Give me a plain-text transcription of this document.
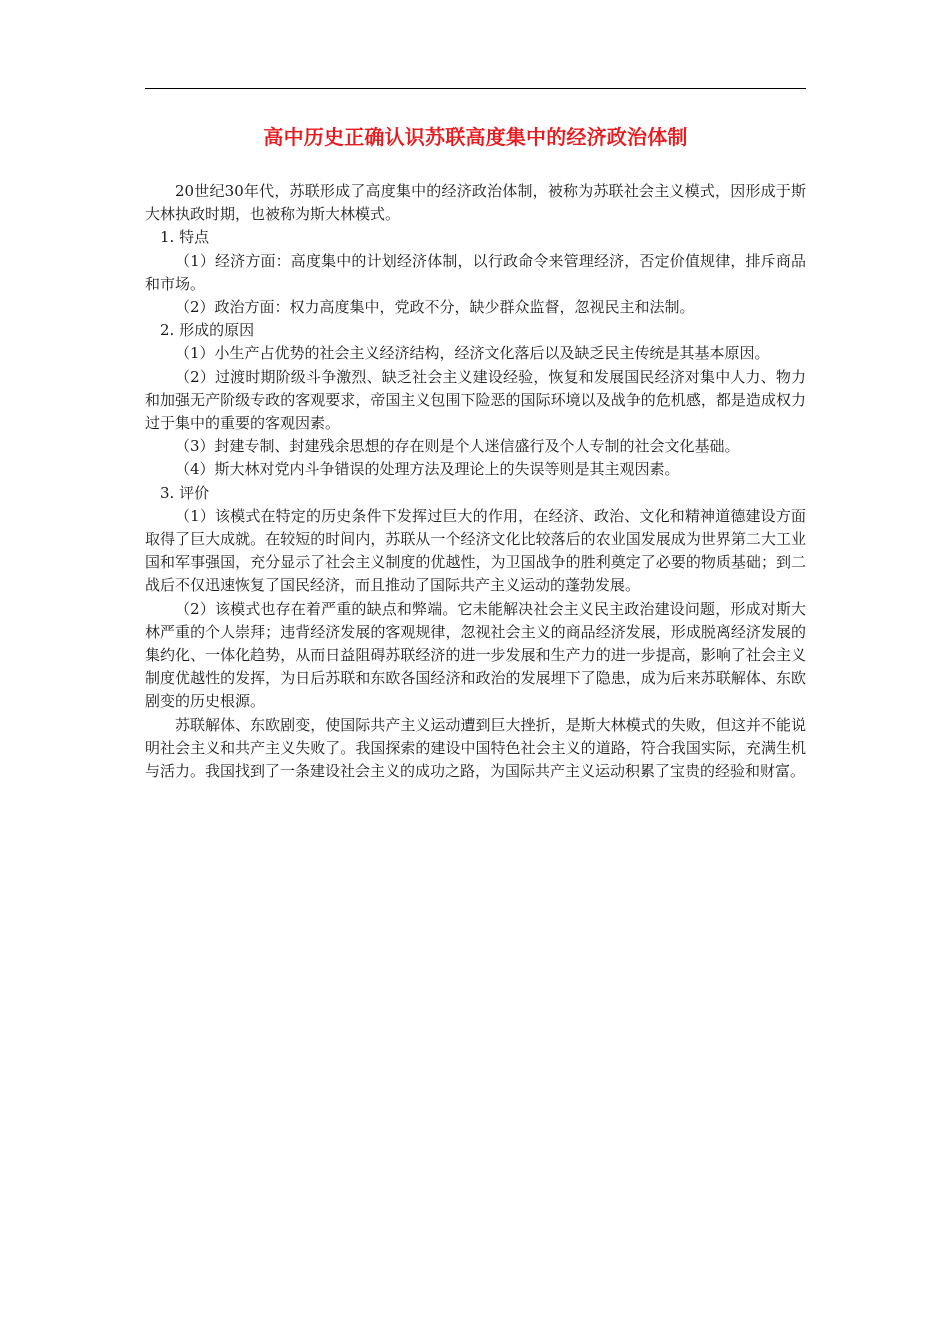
高中历史正确认识苏联高度集中的经济政治体制

20世纪30年代，苏联形成了高度集中的经济政治体制，被称为苏联社会主义模式，因形成于斯大林执政时期，也被称为斯大林模式。

1. 特点

（1）经济方面：高度集中的计划经济体制，以行政命令来管理经济，否定价值规律，排斥商品和市场。

（2）政治方面：权力高度集中，党政不分，缺少群众监督，忽视民主和法制。

2. 形成的原因

（1）小生产占优势的社会主义经济结构，经济文化落后以及缺乏民主传统是其基本原因。

（2）过渡时期阶级斗争激烈、缺乏社会主义建设经验，恢复和发展国民经济对集中人力、物力和加强无产阶级专政的客观要求，帝国主义包围下险恶的国际环境以及战争的危机感，都是造成权力过于集中的重要的客观因素。

（3）封建专制、封建残余思想的存在则是个人迷信盛行及个人专制的社会文化基础。

（4）斯大林对党内斗争错误的处理方法及理论上的失误等则是其主观因素。

3. 评价

（1）该模式在特定的历史条件下发挥过巨大的作用，在经济、政治、文化和精神道德建设方面取得了巨大成就。在较短的时间内，苏联从一个经济文化比较落后的农业国发展成为世界第二大工业国和军事强国，充分显示了社会主义制度的优越性，为卫国战争的胜利奠定了必要的物质基础；到二战后不仅迅速恢复了国民经济，而且推动了国际共产主义运动的蓬勃发展。

（2）该模式也存在着严重的缺点和弊端。它未能解决社会主义民主政治建设问题，形成对斯大林严重的个人崇拜；违背经济发展的客观规律，忽视社会主义的商品经济发展，形成脱离经济发展的集约化、一体化趋势，从而日益阻碍苏联经济的进一步发展和生产力的进一步提高，影响了社会主义制度优越性的发挥，为日后苏联和东欧各国经济和政治的发展埋下了隐患，成为后来苏联解体、东欧剧变的历史根源。

苏联解体、东欧剧变，使国际共产主义运动遭到巨大挫折，是斯大林模式的失败，但这并不能说明社会主义和共产主义失败了。我国探索的建设中国特色社会主义的道路，符合我国实际，充满生机与活力。我国找到了一条建设社会主义的成功之路，为国际共产主义运动积累了宝贵的经验和财富。
